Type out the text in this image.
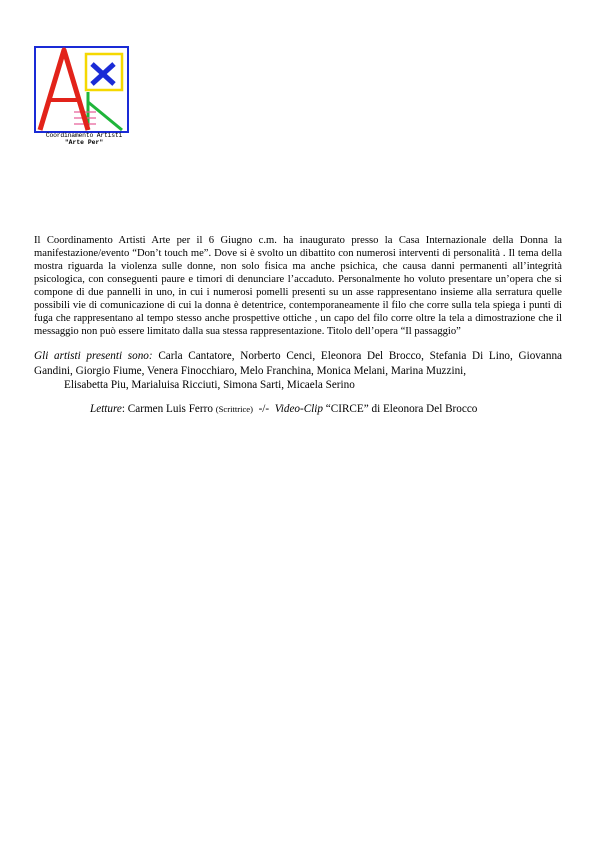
Coordinamento Artisti
"Arte Per"
Il Coordinamento Artisti Arte per il 6 Giugno c.m. ha inaugurato presso la Casa Internazionale della Donna la manifestazione/evento “Don’t touch me”. Dove si è svolto un dibattito con numerosi interventi di personalità . Il tema della mostra riguarda la violenza sulle donne, non solo fisica ma anche psichica, che causa danni permanenti all’integrità psicologica, con conseguenti paure e timori di denunciare l’accaduto. Personalmente ho voluto presentare un’opera che si compone di due pannelli in uno, in cui i numerosi pomelli presenti su un asse rappresentano insieme alla serratura quelle possibili vie di comunicazione di cui la donna è detentrice, contemporaneamente il filo che corre sulla tela spiega i punti di fuga che rappresentano al tempo stesso anche prospettive ottiche , un capo del filo corre oltre la tela a dimostrazione che il messaggio non può essere limitato dalla sua stessa rappresentazione. Titolo dell’opera “Il passaggio”
Gli artisti presenti sono: Carla Cantatore, Norberto Cenci, Eleonora Del Brocco, Stefania Di Lino, Giovanna Gandini, Giorgio Fiume, Venera Finocchiaro, Melo Franchina, Monica Melani, Marina Muzzini,
Elisabetta Piu, Marialuisa Ricciuti, Simona Sarti, Micaela Serino
Letture: Carmen Luis Ferro (Scrittrice)  -/-  Video-Clip “CIRCE” di Eleonora Del Brocco
